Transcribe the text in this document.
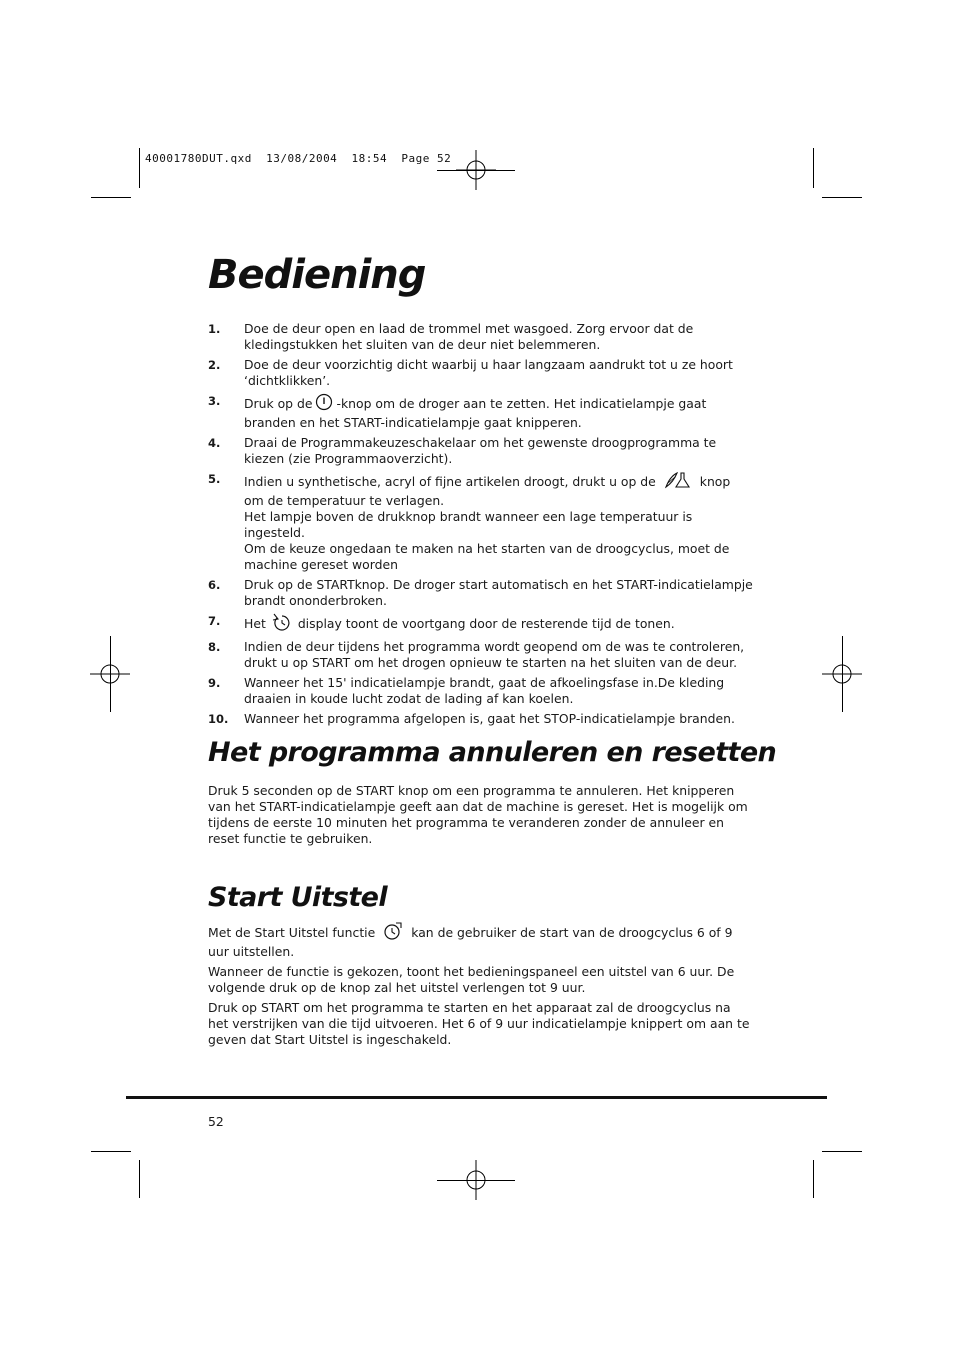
40001780DUT.qxd  13/08/2004  18:54  Page 52
Bediening
1.	Doe de deur open en laad de trommel met wasgoed. Zorg ervoor dat de kledingstukken het sluiten van de deur niet belemmeren.
2.	Doe de deur voorzichtig dicht waarbij u haar langzaam aandrukt tot u ze hoort ‘dichtklikken’.
3.	Druk op de -knop om de droger aan te zetten. Het indicatielampje gaat branden en het START-indicatielampje gaat knipperen.
4.	Draai de Programmakeuzeschakelaar om het gewenste droogprogramma te kiezen (zie Programmaoverzicht).
5.	Indien u synthetische, acryl of fijne artikelen droogt, drukt u op de	knop om de temperatuur te verlagen.
Het lampje boven de drukknop brandt wanneer een lage temperatuur is ingesteld.
Om de keuze ongedaan te maken na het starten van de droogcyclus, moet de machine gereset worden
6.	Druk op de STARTknop. De droger start automatisch en het START-indicatielampje brandt ononderbroken.
7.	Het	display toont de voortgang door de resterende tijd de tonen.
8.	Indien de deur tijdens het programma wordt geopend om de was te controleren, drukt u op START om het drogen opnieuw te starten na het sluiten van de deur.
9.	Wanneer het 15' indicatielampje brandt, gaat de afkoelingsfase in.De kleding draaien in koude lucht zodat de lading af kan koelen.
10.	Wanneer het programma afgelopen is, gaat het STOP-indicatielampje branden.
Het programma annuleren en resetten

Druk 5 seconden op de START knop om een programma te annuleren. Het knipperen van het START-indicatielampje geeft aan dat de machine is gereset. Het is mogelijk om tijdens de eerste 10 minuten het programma te veranderen zonder de annuleer en reset functie te gebruiken.

Start Uitstel

Met de Start Uitstel functie	kan de gebruiker de start van de droogcyclus 6 of 9 uur uitstellen.

Wanneer de functie is gekozen, toont het bedieningspaneel een uitstel van 6 uur. De volgende druk op de knop zal het uitstel verlengen tot 9 uur.

Druk op START om het programma te starten en het apparaat zal de droogcyclus na het verstrijken van die tijd uitvoeren. Het 6 of 9 uur indicatielampje knippert om aan te geven dat Start Uitstel is ingeschakeld.

52
